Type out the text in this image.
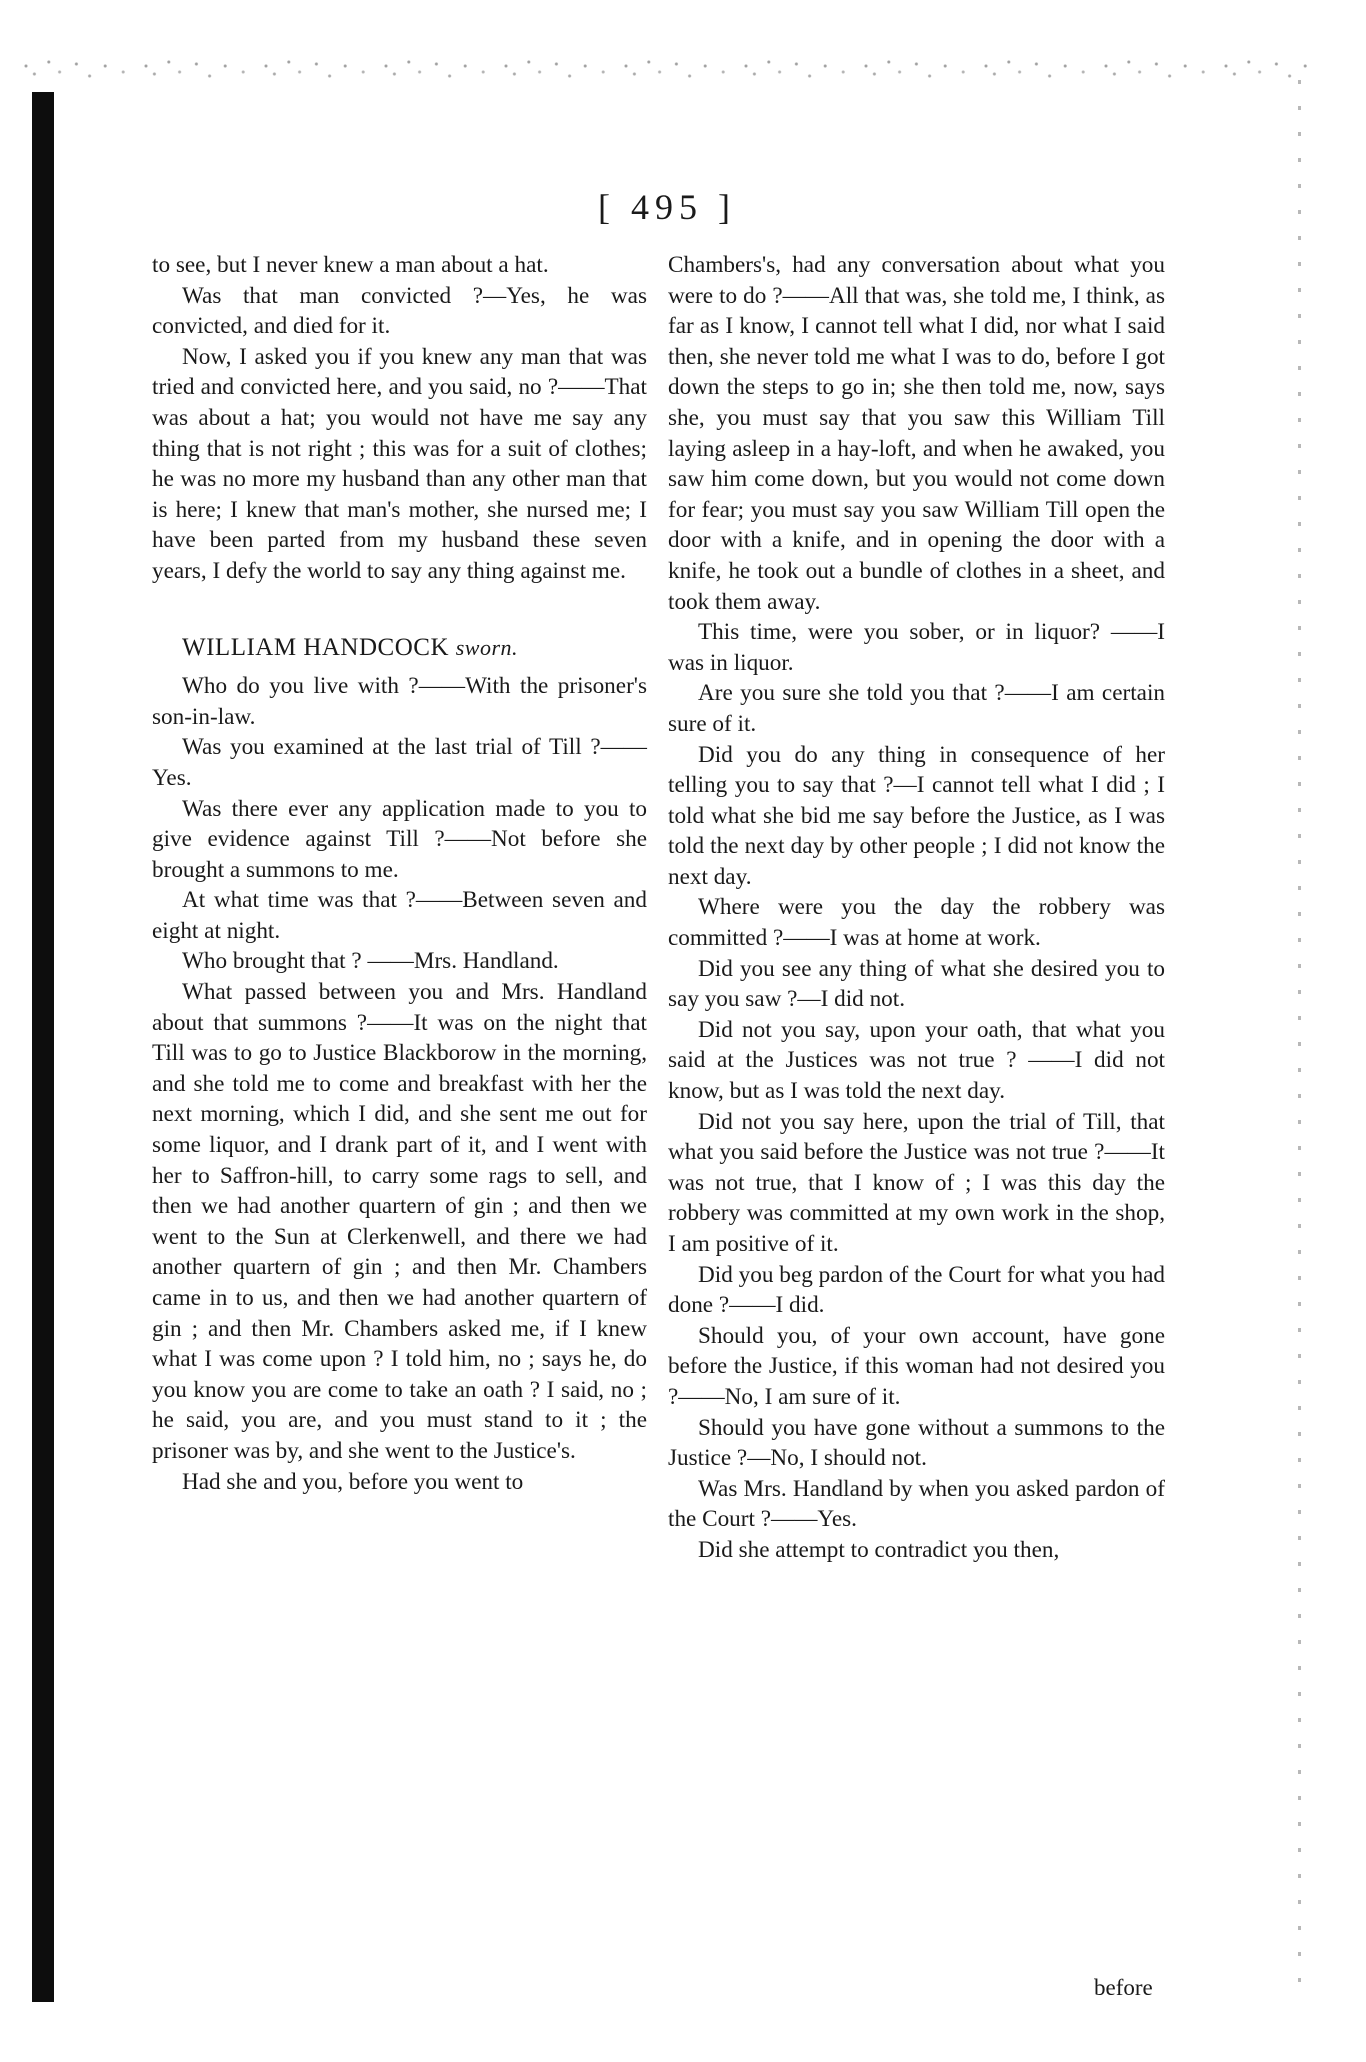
[ 495 ]

to see, but I never knew a man about a hat.

Was that man convicted ?—Yes, he was convicted, and died for it.

Now, I asked you if you knew any man that was tried and convicted here, and you said, no ?——That was about a hat; you would not have me say any thing that is not right ; this was for a suit of clothes; he was no more my husband than any other man that is here; I knew that man's mother, she nursed me; I have been parted from my husband these seven years, I defy the world to say any thing against me.

WILLIAM HANDCOCK sworn.

Who do you live with ?——With the prisoner's son-in-law.

Was you examined at the last trial of Till ?——Yes.

Was there ever any application made to you to give evidence against Till ?——Not before she brought a summons to me.

At what time was that ?——Between seven and eight at night.

Who brought that ? ——Mrs. Handland.

What passed between you and Mrs. Handland about that summons ?——It was on the night that Till was to go to Justice Blackborow in the morning, and she told me to come and breakfast with her the next morning, which I did, and she sent me out for some liquor, and I drank part of it, and I went with her to Saffron-hill, to carry some rags to sell, and then we had another quartern of gin ; and then we went to the Sun at Clerkenwell, and there we had another quartern of gin ; and then Mr. Chambers came in to us, and then we had another quartern of gin ; and then Mr. Chambers asked me, if I knew what I was come upon ? I told him, no ; says he, do you know you are come to take an oath ? I said, no ; he said, you are, and you must stand to it ; the prisoner was by, and she went to the Justice's.

Had she and you, before you went to

Chambers's, had any conversation about what you were to do ?——All that was, she told me, I think, as far as I know, I cannot tell what I did, nor what I said then, she never told me what I was to do, before I got down the steps to go in; she then told me, now, says she, you must say that you saw this William Till laying asleep in a hay-loft, and when he awaked, you saw him come down, but you would not come down for fear; you must say you saw William Till open the door with a knife, and in opening the door with a knife, he took out a bundle of clothes in a sheet, and took them away.

This time, were you sober, or in liquor? ——I was in liquor.

Are you sure she told you that ?——I am certain sure of it.

Did you do any thing in consequence of her telling you to say that ?—I cannot tell what I did ; I told what she bid me say before the Justice, as I was told the next day by other people ; I did not know the next day.

Where were you the day the robbery was committed ?——I was at home at work.

Did you see any thing of what she desired you to say you saw ?—I did not.

Did not you say, upon your oath, that what you said at the Justices was not true ? ——I did not know, but as I was told the next day.

Did not you say here, upon the trial of Till, that what you said before the Justice was not true ?——It was not true, that I know of ; I was this day the robbery was committed at my own work in the shop, I am positive of it.

Did you beg pardon of the Court for what you had done ?——I did.

Should you, of your own account, have gone before the Justice, if this woman had not desired you ?——No, I am sure of it.

Should you have gone without a summons to the Justice ?—No, I should not.

Was Mrs. Handland by when you asked pardon of the Court ?——Yes.

Did she attempt to contradict you then,

before
